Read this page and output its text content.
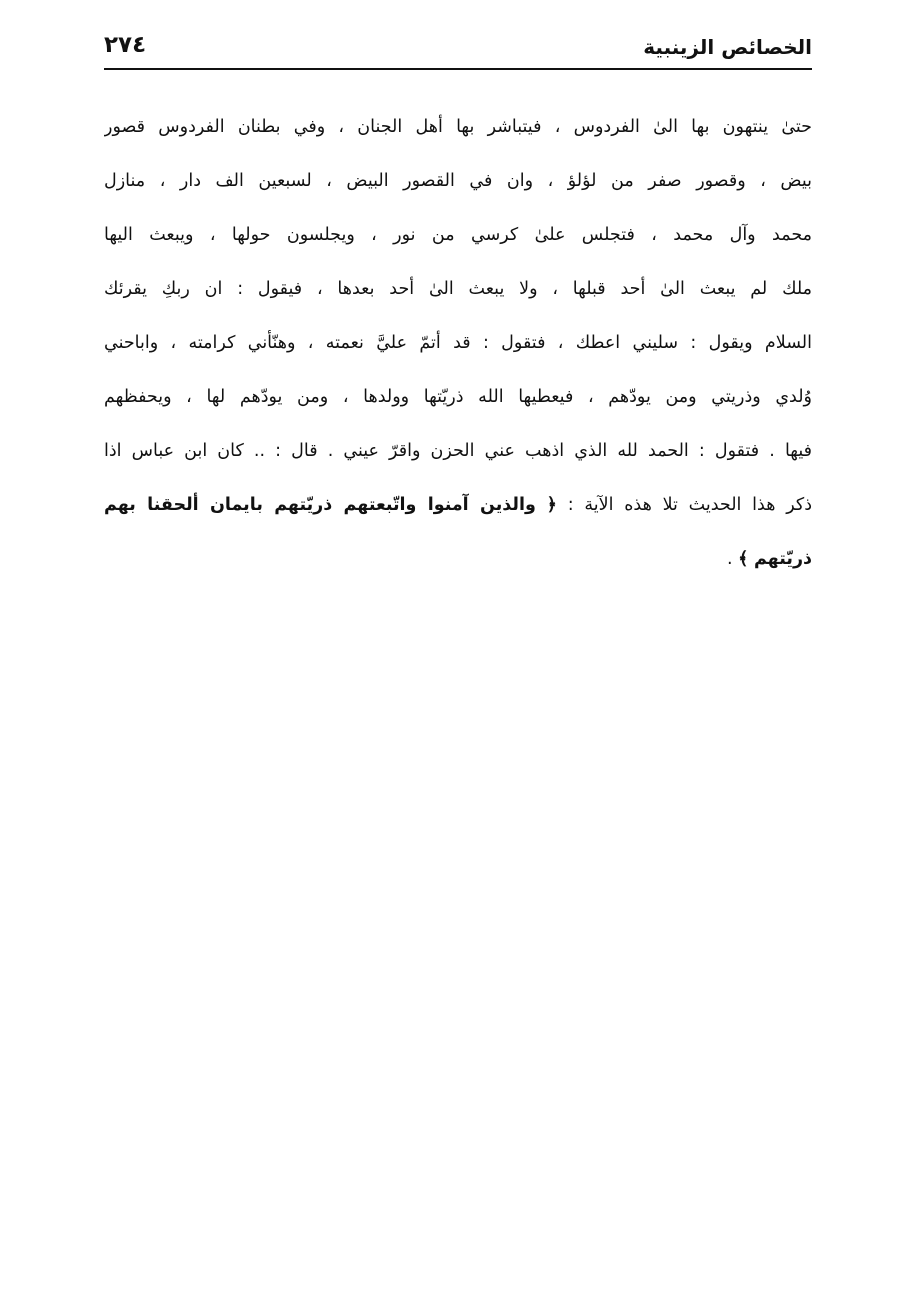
الخصائص الزينبية
٢٧٤
حتىٰ ينتهون بها الىٰ الفردوس ، فيتباشر بها أهل الجنان ، وفي بطنان الفردوس قصور
بيض ، وقصور صفر من لؤلؤ ، وان في القصور البيض ، لسبعين الف دار ، منازل
محمد وآل محمد ، فتجلس علىٰ كرسي من نور ، ويجلسون حولها ، ويبعث اليها
ملك لم يبعث الىٰ أحد قبلها ، ولا يبعث الىٰ أحد بعدها ، فيقول : ان ربكِ يقرئك
السلام ويقول : سليني اعطك ، فتقول : قد أتمّ عليَّ نعمته ، وهنّأني كرامته ، واباحني
وُلدي وذريتي ومن يودّهم ، فيعطيها الله ذريّتها وولدها ، ومن يودّهم لها ، ويحفظهم
فيها . فتقول : الحمد لله الذي اذهب عني الحزن واقرّ عيني . قال : .. كان ابن عباس اذا
ذكر هذا الحديث تلا هذه الآية : ﴿ والذين آمنوا واتّبعتهم ذريّتهم بايمان ألحقنا بهم
ذريّتهم ﴾ .
